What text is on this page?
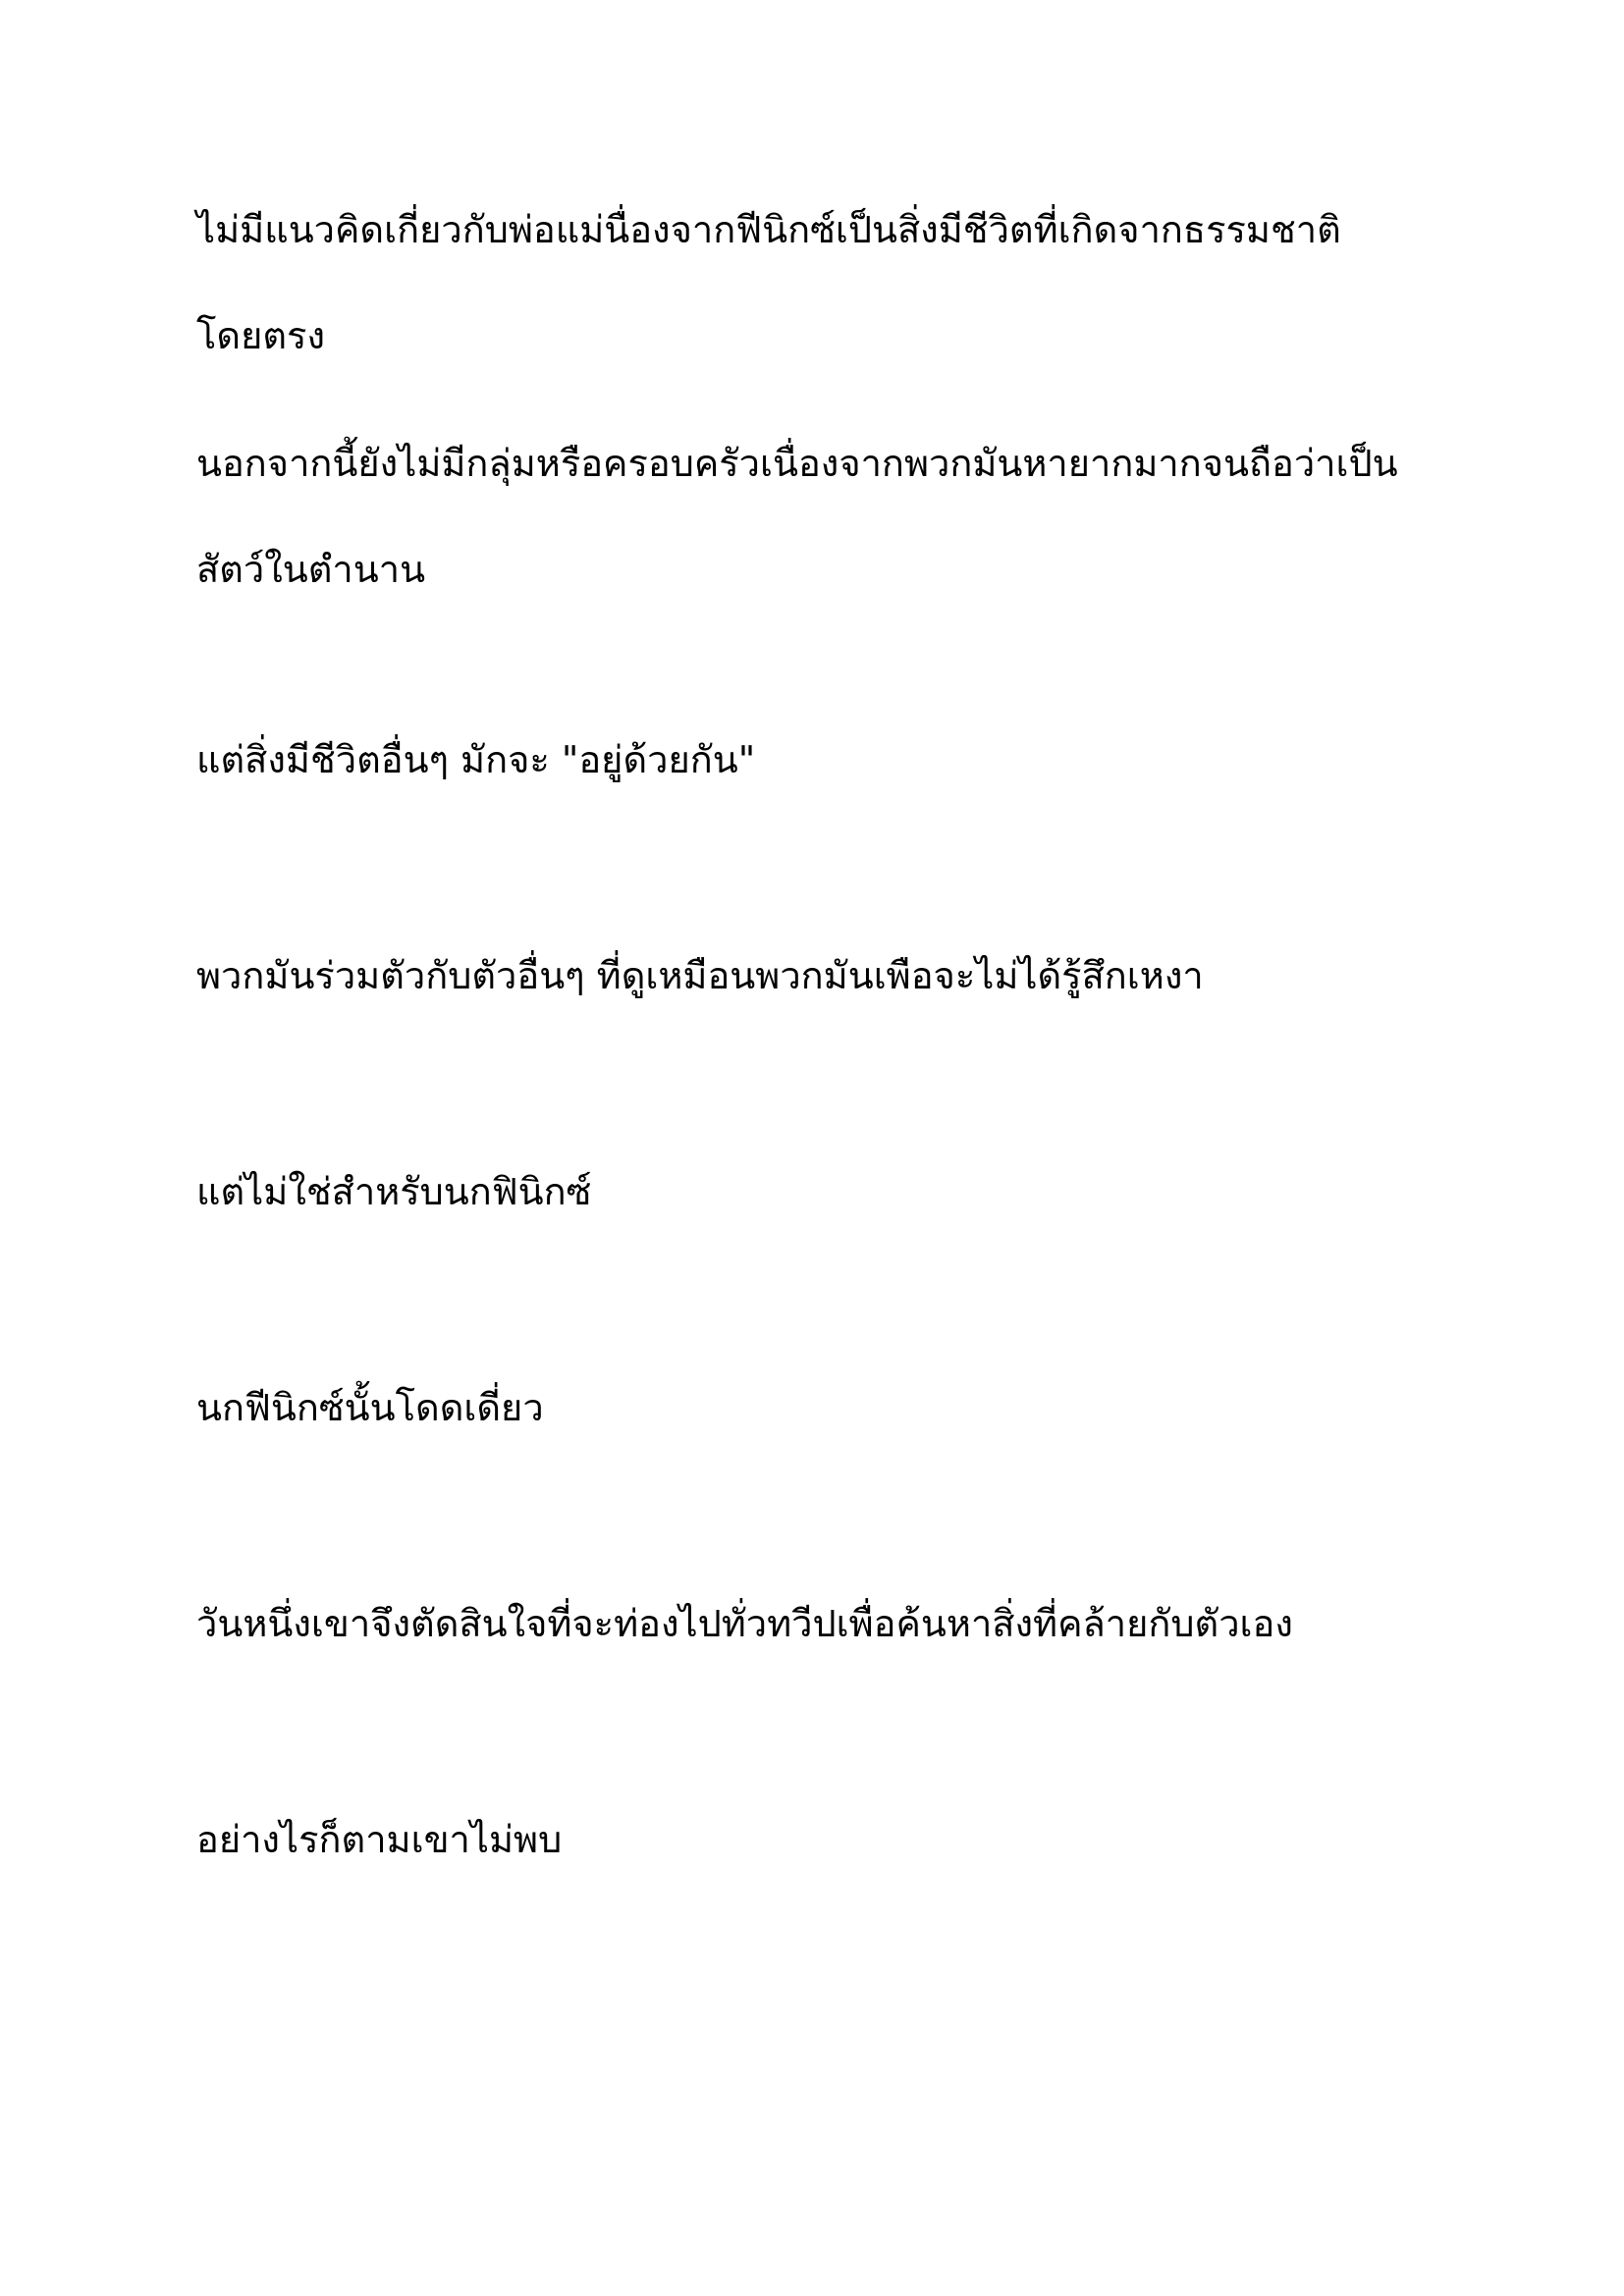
ไม่มีแนวคิดเกี่ยวกับพ่อแม่นื่องจากฟีนิกซ์เป็นสิ่งมีชีวิตที่เกิดจากธรรมชาติโดยตรง

นอกจากนี้ยังไม่มีกลุ่มหรือครอบครัวเนื่องจากพวกมันหายากมากจนถือว่าเป็นสัตว์ในตำนาน

แต่สิ่งมีชีวิตอื่นๆ มักจะ "อยู่ด้วยกัน"

พวกมันร่วมตัวกับตัวอื่นๆ ที่ดูเหมือนพวกมันเพือจะไม่ได้รู้สึกเหงา

แต่ไม่ใช่สำหรับนกฟินิกซ์

นกฟีนิกซ์นั้นโดดเดี่ยว

วันหนึ่งเขาจึงตัดสินใจที่จะท่องไปทั่วทวีปเพื่อค้นหาสิ่งที่คล้ายกับตัวเอง

อย่างไรก็ตามเขาไม่พบ
